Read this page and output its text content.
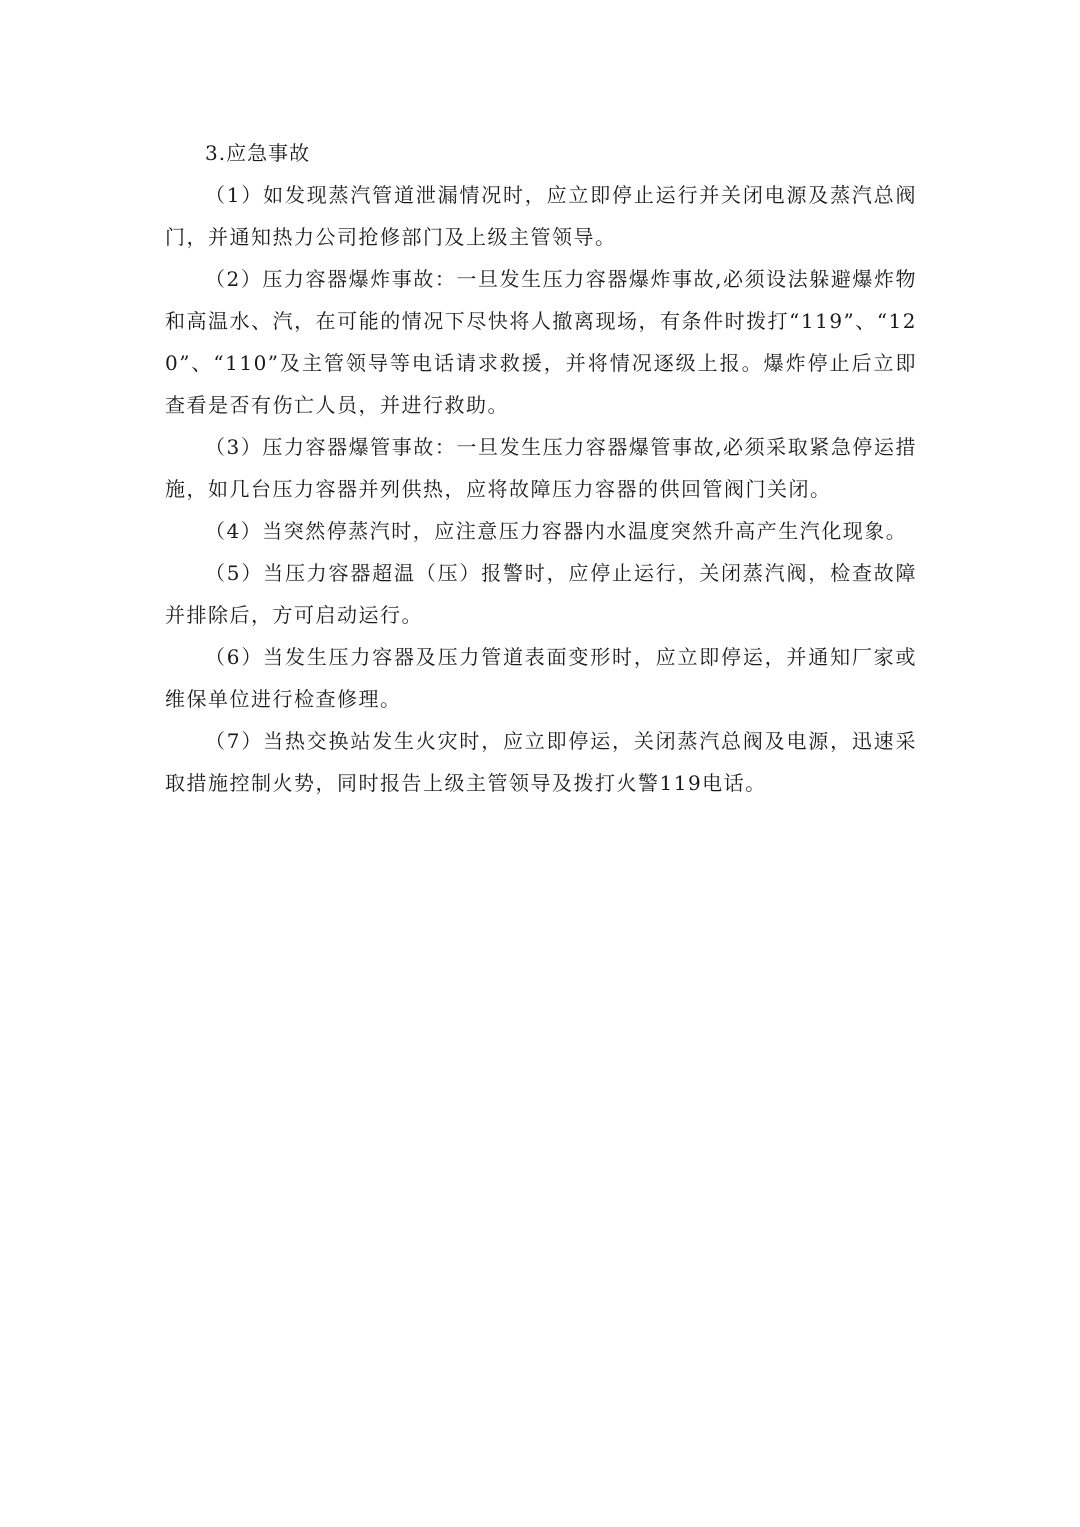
3.应急事故

（1）如发现蒸汽管道泄漏情况时，应立即停止运行并关闭电源及蒸汽总阀门，并通知热力公司抢修部门及上级主管领导。

（2）压力容器爆炸事故：一旦发生压力容器爆炸事故,必须设法躲避爆炸物和高温水、汽，在可能的情况下尽快将人撤离现场，有条件时拨打“119”、“120”、“110”及主管领导等电话请求救援，并将情况逐级上报。爆炸停止后立即查看是否有伤亡人员，并进行救助。

（3）压力容器爆管事故：一旦发生压力容器爆管事故,必须采取紧急停运措施，如几台压力容器并列供热，应将故障压力容器的供回管阀门关闭。

（4）当突然停蒸汽时，应注意压力容器内水温度突然升高产生汽化现象。

（5）当压力容器超温（压）报警时，应停止运行，关闭蒸汽阀，检查故障并排除后，方可启动运行。

（6）当发生压力容器及压力管道表面变形时，应立即停运，并通知厂家或维保单位进行检查修理。

（7）当热交换站发生火灾时，应立即停运，关闭蒸汽总阀及电源，迅速采取措施控制火势，同时报告上级主管领导及拨打火警119电话。
